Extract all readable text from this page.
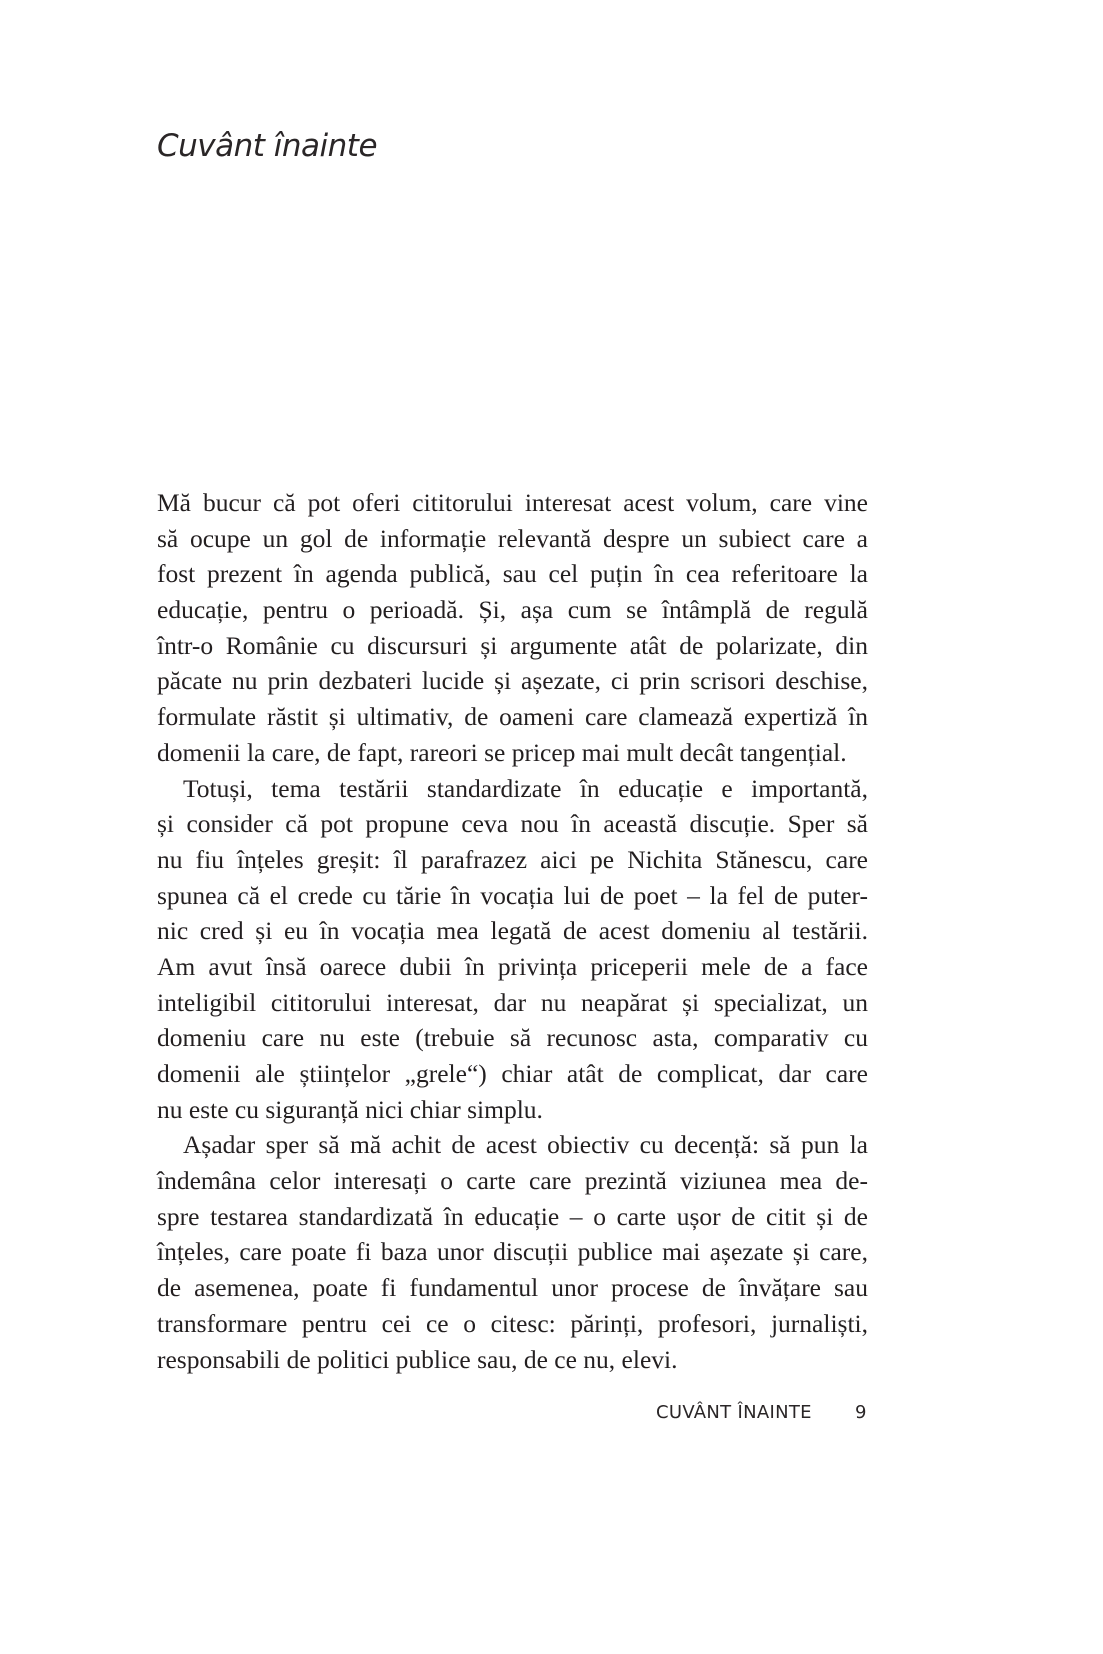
Cuvânt înainte
Mă bucur că pot oferi cititorului interesat acest volum, care vine
să ocupe un gol de informație relevantă despre un subiect care a
fost prezent în agenda publică, sau cel puțin în cea referitoare la
educație, pentru o perioadă. Și, așa cum se întâmplă de regulă
într-o Românie cu discursuri și argumente atât de polarizate, din
păcate nu prin dezbateri lucide și așezate, ci prin scrisori deschise,
formulate răstit și ultimativ, de oameni care clamează expertiză în
domenii la care, de fapt, rareori se pricep mai mult decât tangențial.
Totuși, tema testării standardizate în educație e importantă,
și consider că pot propune ceva nou în această discuție. Sper să
nu fiu înțeles greșit: îl parafrazez aici pe Nichita Stănescu, care
spunea că el crede cu tărie în vocația lui de poet – la fel de puter-
nic cred și eu în vocația mea legată de acest domeniu al testării.
Am avut însă oarece dubii în privința priceperii mele de a face
inteligibil cititorului interesat, dar nu neapărat și specializat, un
domeniu care nu este (trebuie să recunosc asta, comparativ cu
domenii ale științelor „grele“) chiar atât de complicat, dar care
nu este cu siguranță nici chiar simplu.
Așadar sper să mă achit de acest obiectiv cu decență: să pun la
îndemâna celor interesați o carte care prezintă viziunea mea de-
spre testarea standardizată în educație – o carte ușor de citit și de
înțeles, care poate fi baza unor discuții publice mai așezate și care,
de asemenea, poate fi fundamentul unor procese de învățare sau
transformare pentru cei ce o citesc: părinți, profesori, jurnaliști,
responsabili de politici publice sau, de ce nu, elevi.
CUVÂNT ÎNAINTE 9
